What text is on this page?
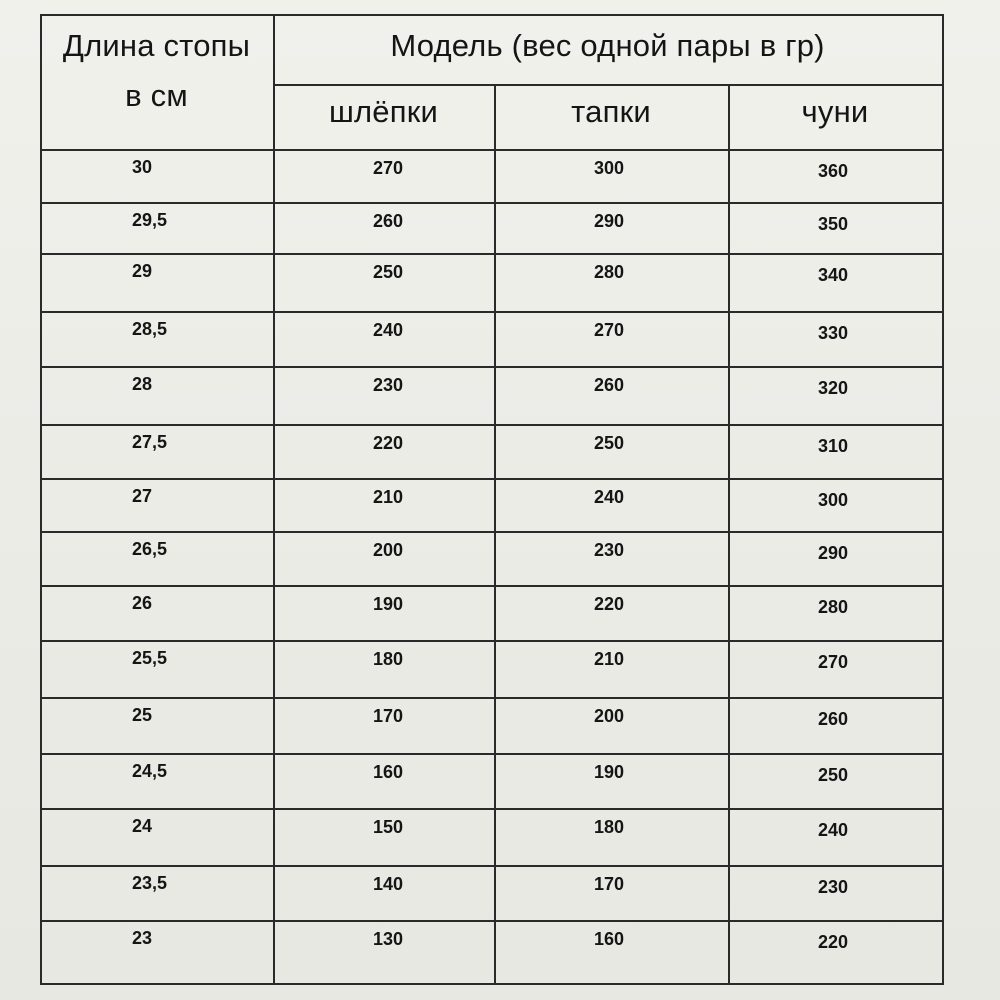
Длина стопы
в см
Модель (вес одной пары в гр)
шлёпки	тапки	чуни
30	270	300	360
29,5	260	290	350
29	250	280	340
28,5	240	270	330
28	230	260	320
27,5	220	250	310
27	210	240	300
26,5	200	230	290
26	190	220	280
25,5	180	210	270
25	170	200	260
24,5	160	190	250
24	150	180	240
23,5	140	170	230
23	130	160	220
